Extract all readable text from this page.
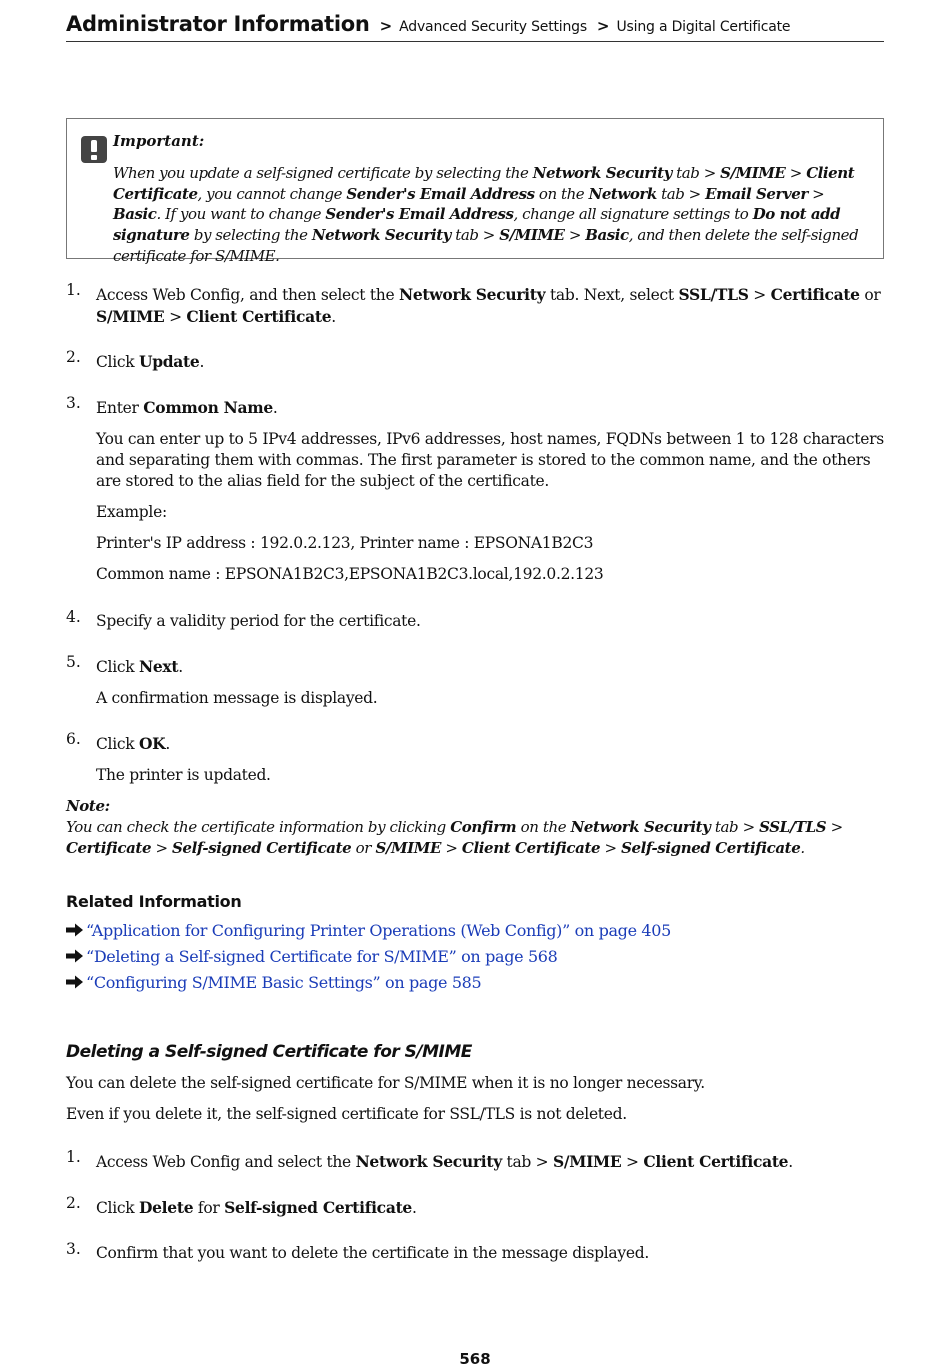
Administrator Information > Advanced Security Settings > Using a Digital Certificate
Important:
When you update a self-signed certificate by selecting the Network Security tab > S/MIME > Client Certificate, you cannot change Sender's Email Address on the Network tab > Email Server > Basic. If you want to change Sender's Email Address, change all signature settings to Do not add signature by selecting the Network Security tab > S/MIME > Basic, and then delete the self-signed certificate for S/MIME.
1. Access Web Config, and then select the Network Security tab. Next, select SSL/TLS > Certificate or S/MIME > Client Certificate.
2. Click Update.
3. Enter Common Name.

You can enter up to 5 IPv4 addresses, IPv6 addresses, host names, FQDNs between 1 to 128 characters and separating them with commas. The first parameter is stored to the common name, and the others are stored to the alias field for the subject of the certificate.

Example:

Printer's IP address : 192.0.2.123, Printer name : EPSONA1B2C3

Common name : EPSONA1B2C3,EPSONA1B2C3.local,192.0.2.123

4. Specify a validity period for the certificate.
5. Click Next.

A confirmation message is displayed.

6. Click OK.

The printer is updated.

Note:
You can check the certificate information by clicking Confirm on the Network Security tab > SSL/TLS > Certificate > Self-signed Certificate or S/MIME > Client Certificate > Self-signed Certificate.
Related Information
“Application for Configuring Printer Operations (Web Config)” on page 405
“Deleting a Self-signed Certificate for S/MIME” on page 568
“Configuring S/MIME Basic Settings” on page 585
Deleting a Self-signed Certificate for S/MIME
You can delete the self-signed certificate for S/MIME when it is no longer necessary.
Even if you delete it, the self-signed certificate for SSL/TLS is not deleted.
1. Access Web Config and select the Network Security tab > S/MIME > Client Certificate.
2. Click Delete for Self-signed Certificate.
3. Confirm that you want to delete the certificate in the message displayed.
568
